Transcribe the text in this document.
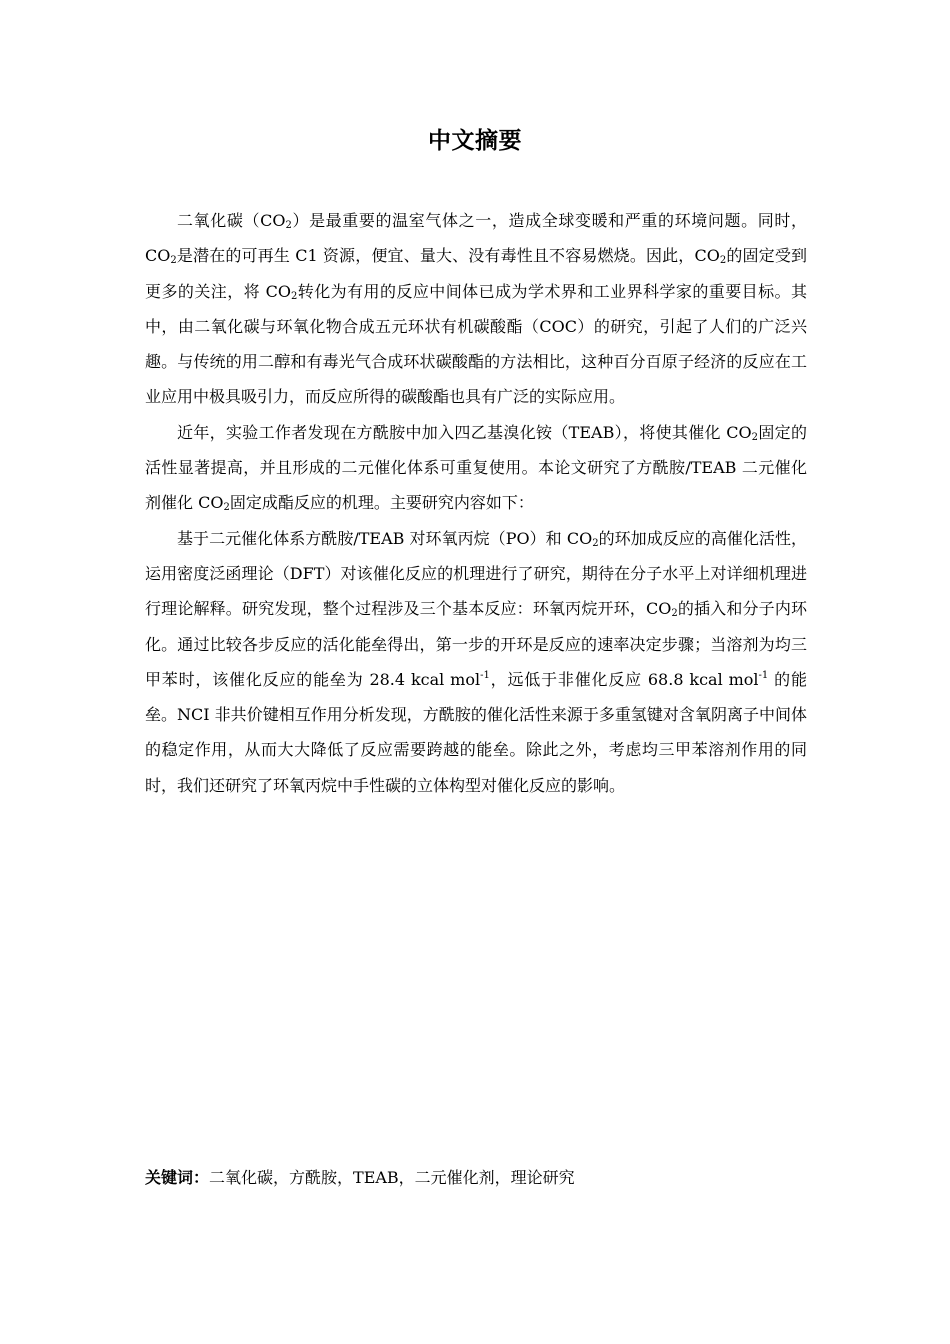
中文摘要

二氧化碳$(CO_2)$是最重要的温室气体之一，造成全球变暖和严重的环境问题。同时，$CO_2$是潜在的可再生 C1 资源，便宜、量大、没有毒性且不容易燃烧。因此，$CO_2$的固定受到更多的关注，将 $CO_2$转化为有用的反应中间体已成为学术界和工业界科学家的重要目标。其中，由二氧化碳与环氧化物合成五元环状有机碳酸酯（COC）的研究，引起了人们的广泛兴趣。与传统的用二醇和有毒光气合成环状碳酸酯的方法相比，这种百分百原子经济的反应在工业应用中极具吸引力，而反应所得的碳酸酯也具有广泛的实际应用。

近年，实验工作者发现在方酰胺中加入四乙基溴化铵（TEAB），将使其催化 $CO_2$固定的活性显著提高，并且形成的二元催化体系可重复使用。本论文研究了方酰胺/TEAB 二元催化剂催化 $CO_2$固定成酯反应的机理。主要研究内容如下：

基于二元催化体系方酰胺/TEAB 对环氧丙烷（PO）和 $CO_2$的环加成反应的高催化活性，运用密度泛函理论（DFT）对该催化反应的机理进行了研究，期待在分子水平上对详细机理进行理论解释。研究发现，整个过程涉及三个基本反应：环氧丙烷开环，$CO_2$的插入和分子内环化。通过比较各步反应的活化能垒得出，第一步的开环是反应的速率决定步骤；当溶剂为均三甲苯时，该催化反应的能垒为 28.4 kcal mol$^{-1}$，远低于非催化反应 68.8 kcal mol$^{-1}$ 的能垒。NCI 非共价键相互作用分析发现，方酰胺的催化活性来源于多重氢键对含氧阴离子中间体的稳定作用，从而大大降低了反应需要跨越的能垒。除此之外，考虑均三甲苯溶剂作用的同时，我们还研究了环氧丙烷中手性碳的立体构型对催化反应的影响。

关键词：二氧化碳，方酰胺，TEAB，二元催化剂，理论研究
